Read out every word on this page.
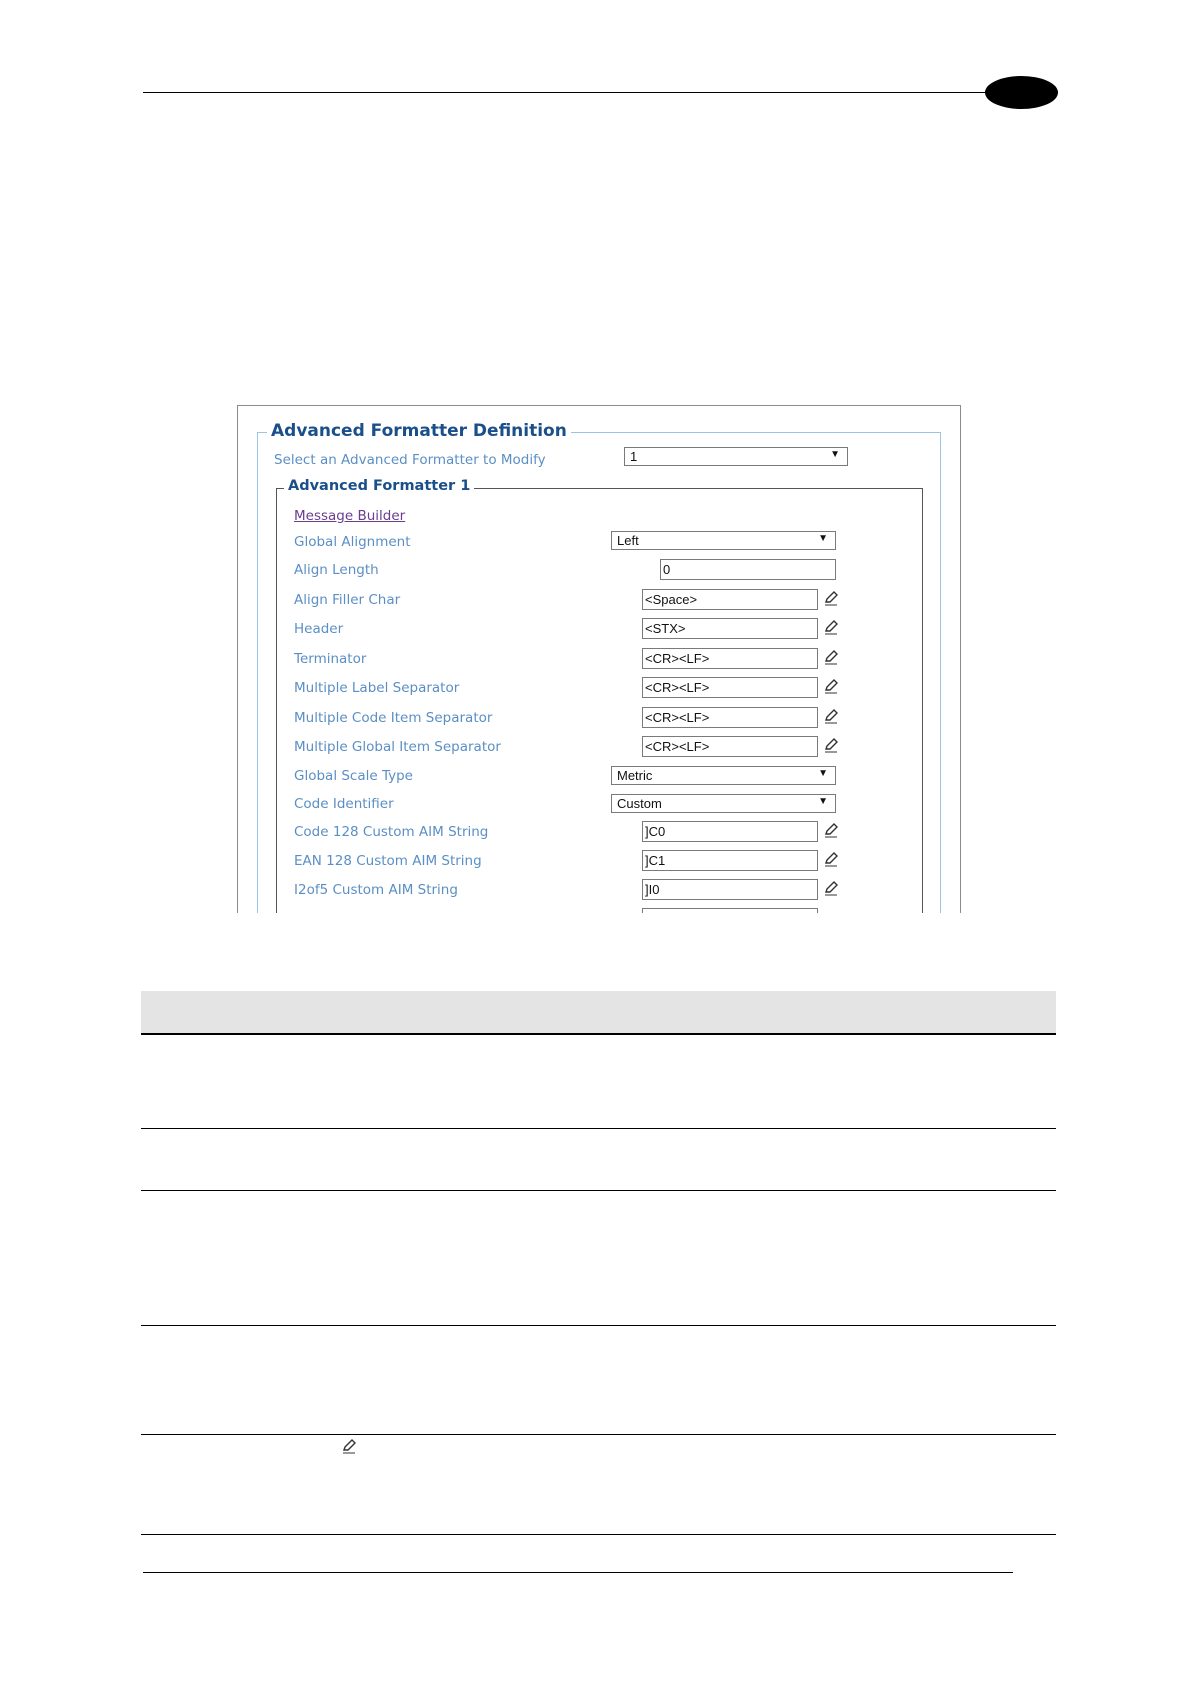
Advanced Formatter Definition
Select an Advanced Formatter to Modify	1	▼
Advanced Formatter 1
Message Builder
Global Alignment	Left	▼
Align Length	0
Align Filler Char	<Space>
Header	<STX>
Terminator	<CR><LF>
Multiple Label Separator	<CR><LF>
Multiple Code Item Separator	<CR><LF>
Multiple Global Item Separator	<CR><LF>
Global Scale Type	Metric	▼
Code Identifier	Custom	▼
Code 128 Custom AIM String	]C0
EAN 128 Custom AIM String	]C1
I2of5 Custom AIM String	]I0
